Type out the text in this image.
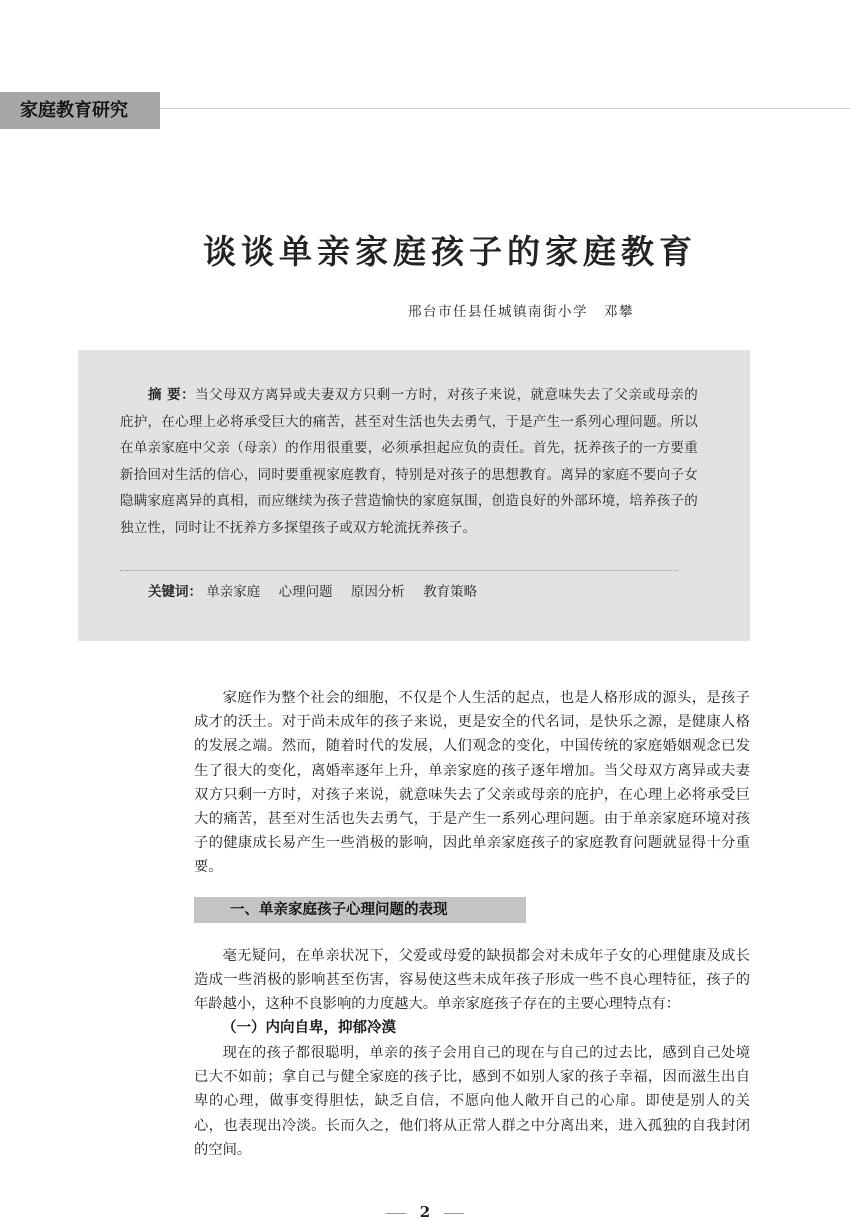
家庭教育研究
谈谈单亲家庭孩子的家庭教育
邢台市任县任城镇南街小学 邓攀
摘 要：当父母双方离异或夫妻双方只剩一方时，对孩子来说，就意味失去了父亲或母亲的庇护，在心理上必将承受巨大的痛苦，甚至对生活也失去勇气，于是产生一系列心理问题。所以在单亲家庭中父亲（母亲）的作用很重要，必须承担起应负的责任。首先，抚养孩子的一方要重新拾回对生活的信心，同时要重视家庭教育，特别是对孩子的思想教育。离异的家庭不要向子女隐瞒家庭离异的真相，而应继续为孩子营造愉快的家庭氛围，创造良好的外部环境，培养孩子的独立性，同时让不抚养方多探望孩子或双方轮流抚养孩子。
关键词： 单亲家庭 心理问题 原因分析 教育策略
家庭作为整个社会的细胞，不仅是个人生活的起点，也是人格形成的源头，是孩子成才的沃土。对于尚未成年的孩子来说，更是安全的代名词，是快乐之源，是健康人格的发展之端。然而，随着时代的发展，人们观念的变化，中国传统的家庭婚姻观念已发生了很大的变化，离婚率逐年上升，单亲家庭的孩子逐年增加。当父母双方离异或夫妻双方只剩一方时，对孩子来说，就意味失去了父亲或母亲的庇护，在心理上必将承受巨大的痛苦，甚至对生活也失去勇气，于是产生一系列心理问题。由于单亲家庭环境对孩子的健康成长易产生一些消极的影响，因此单亲家庭孩子的家庭教育问题就显得十分重要。
一、单亲家庭孩子心理问题的表现
毫无疑问，在单亲状况下，父爱或母爱的缺损都会对未成年子女的心理健康及成长造成一些消极的影响甚至伤害，容易使这些未成年孩子形成一些不良心理特征，孩子的年龄越小，这种不良影响的力度越大。单亲家庭孩子存在的主要心理特点有：
（一）内向自卑，抑郁冷漠
现在的孩子都很聪明，单亲的孩子会用自己的现在与自己的过去比，感到自己处境已大不如前；拿自己与健全家庭的孩子比，感到不如别人家的孩子幸福，因而滋生出自卑的心理，做事变得胆怯，缺乏自信，不愿向他人敞开自己的心扉。即使是别人的关心，也表现出冷淡。长而久之，他们将从正常人群之中分离出来，进入孤独的自我封闭的空间。
2
